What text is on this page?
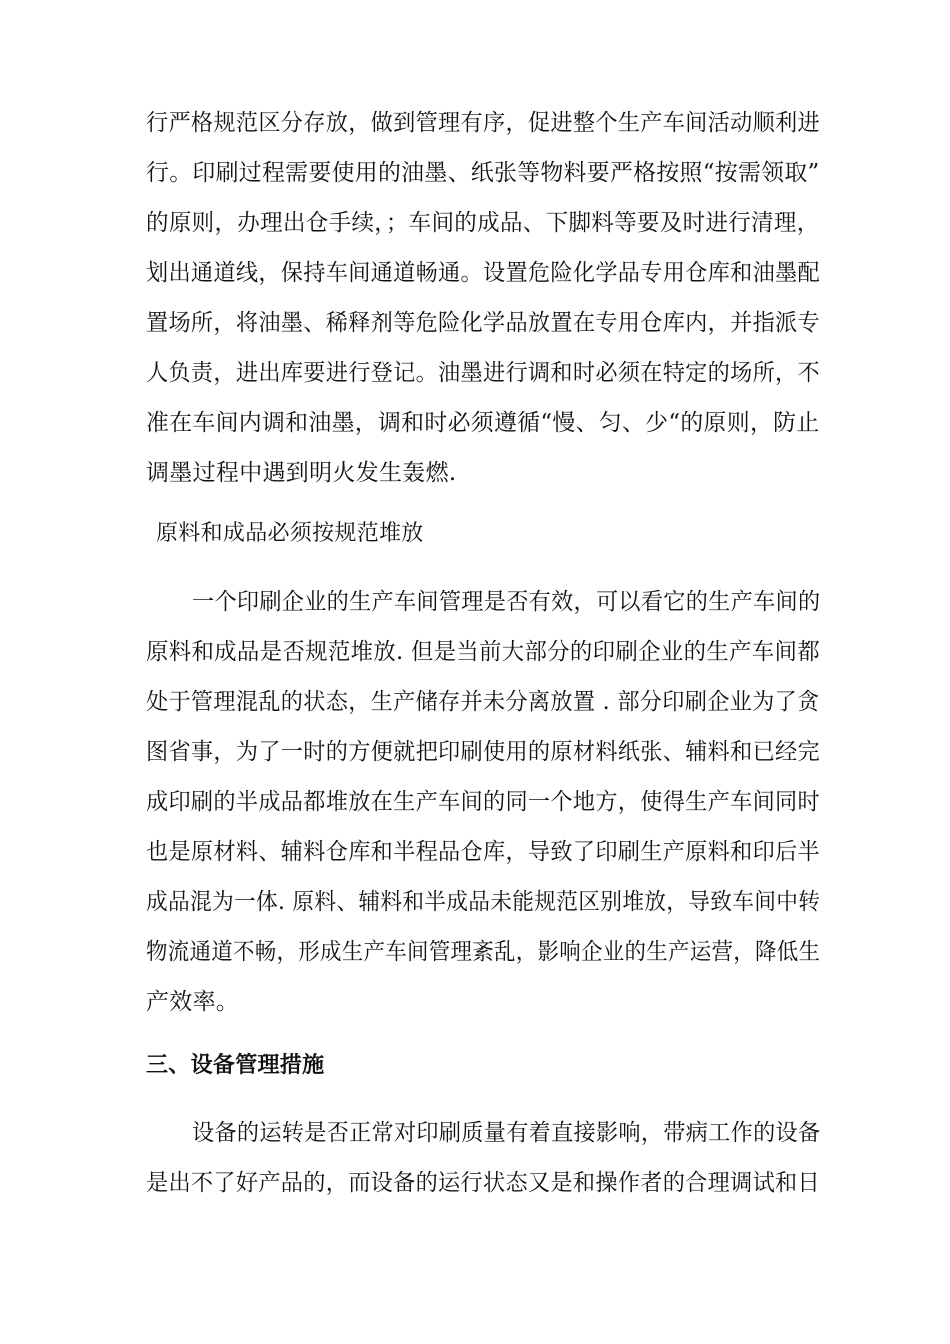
行严格规范区分存放，做到管理有序，促进整个生产车间活动顺利进
行。印刷过程需要使用的油墨、纸张等物料要严格按照“按需领取”
的原则，办理出仓手续，；车间的成品、下脚料等要及时进行清理，
划出通道线，保持车间通道畅通。设置危险化学品专用仓库和油墨配
置场所，将油墨、稀释剂等危险化学品放置在专用仓库内，并指派专
人负责，进出库要进行登记。油墨进行调和时必须在特定的场所，不
准在车间内调和油墨，调和时必须遵循“慢、匀、少“的原则，防止
调墨过程中遇到明火发生轰燃.
原料和成品必须按规范堆放
一个印刷企业的生产车间管理是否有效，可以看它的生产车间的
原料和成品是否规范堆放. 但是当前大部分的印刷企业的生产车间都
处于管理混乱的状态，生产储存并未分离放置 . 部分印刷企业为了贪
图省事，为了一时的方便就把印刷使用的原材料纸张、辅料和已经完
成印刷的半成品都堆放在生产车间的同一个地方，使得生产车间同时
也是原材料、辅料仓库和半程品仓库，导致了印刷生产原料和印后半
成品混为一体. 原料、辅料和半成品未能规范区别堆放，导致车间中转
物流通道不畅，形成生产车间管理紊乱，影响企业的生产运营，降低生
产效率。
三、设备管理措施
设备的运转是否正常对印刷质量有着直接影响，带病工作的设备
是出不了好产品的，而设备的运行状态又是和操作者的合理调试和日
